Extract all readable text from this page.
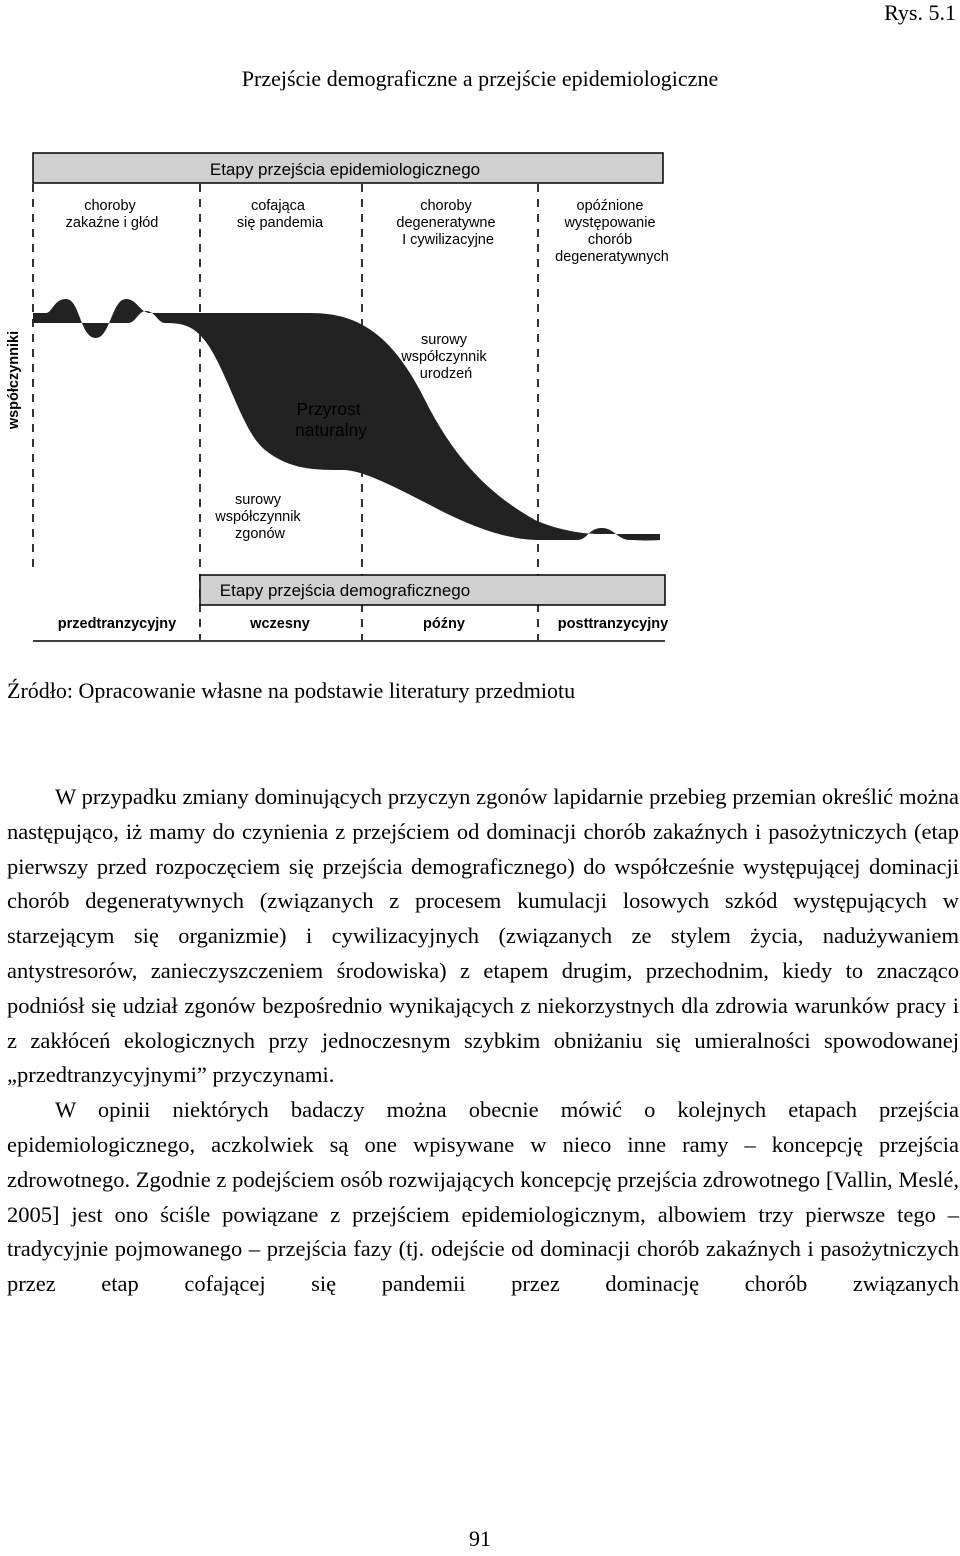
Rys. 5.1
Przejście demograficzne a przejście epidemiologiczne
Etapy przejścia epidemiologicznego
choroby zakaźne i głód
cofająca się pandemia
choroby degeneratywne I cywilizacyjne
opóźnione występowanie chorób degeneratywnych
współczynniki	surowy współczynnik urodzeń
Przyrost naturalny
surowy współczynnik zgonów
Etapy przejścia demograficznego
przedtranzycyjny	wczesny	późny	posttranzycyjny
Źródło: Opracowanie własne na podstawie literatury przedmiotu

W przypadku zmiany dominujących przyczyn zgonów lapidarnie przebieg przemian określić można następująco, iż mamy do czynienia z przejściem od dominacji chorób zakaźnych i pasożytniczych (etap pierwszy przed rozpoczęciem się przejścia demograficznego) do współcześnie występującej dominacji chorób degeneratywnych (związanych z procesem kumulacji losowych szkód występujących w starzejącym się organizmie) i cywilizacyjnych (związanych ze stylem życia, nadużywaniem antystresorów, zanieczyszczeniem środowiska) z etapem drugim, przechodnim, kiedy to znacząco podniósł się udział zgonów bezpośrednio wynikających z niekorzystnych dla zdrowia warunków pracy i z zakłóceń ekologicznych przy jednoczesnym szybkim obniżaniu się umieralności spowodowanej „przedtranzycyjnymi” przyczynami.

W opinii niektórych badaczy można obecnie mówić o kolejnych etapach przejścia epidemiologicznego, aczkolwiek są one wpisywane w nieco inne ramy – koncepcję przejścia zdrowotnego. Zgodnie z podejściem osób rozwijających koncepcję przejścia zdrowotnego [Vallin, Meslé, 2005] jest ono ściśle powiązane z przejściem epidemiologicznym, albowiem trzy pierwsze tego – tradycyjnie pojmowanego – przejścia fazy (tj. odejście od dominacji chorób zakaźnych i pasożytniczych przez etap cofającej się pandemii przez dominację chorób związanych

91
